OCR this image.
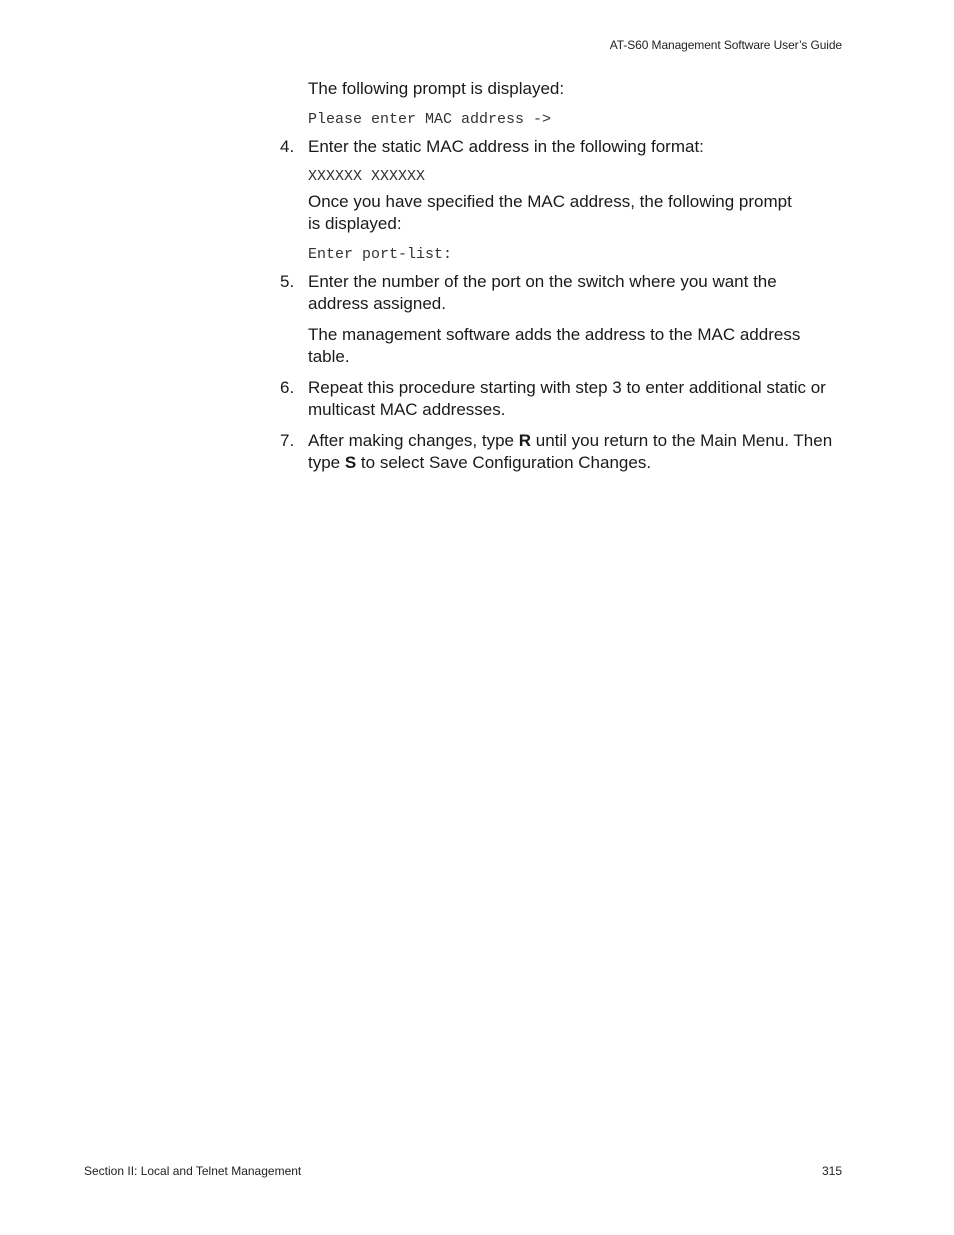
AT-S60 Management Software User’s Guide

The following prompt is displayed:

Please enter MAC address ->
4. Enter the static MAC address in the following format:
XXXXXX XXXXXX

Once you have specified the MAC address, the following prompt
is displayed:

Enter port-list:
5. Enter the number of the port on the switch where you want the
address assigned.

The management software adds the address to the MAC address
table.

6. Repeat this procedure starting with step 3 to enter additional static or
multicast MAC addresses.
7. After making changes, type R until you return to the Main Menu. Then
type S to select Save Configuration Changes.
Section II: Local and Telnet Management	315
